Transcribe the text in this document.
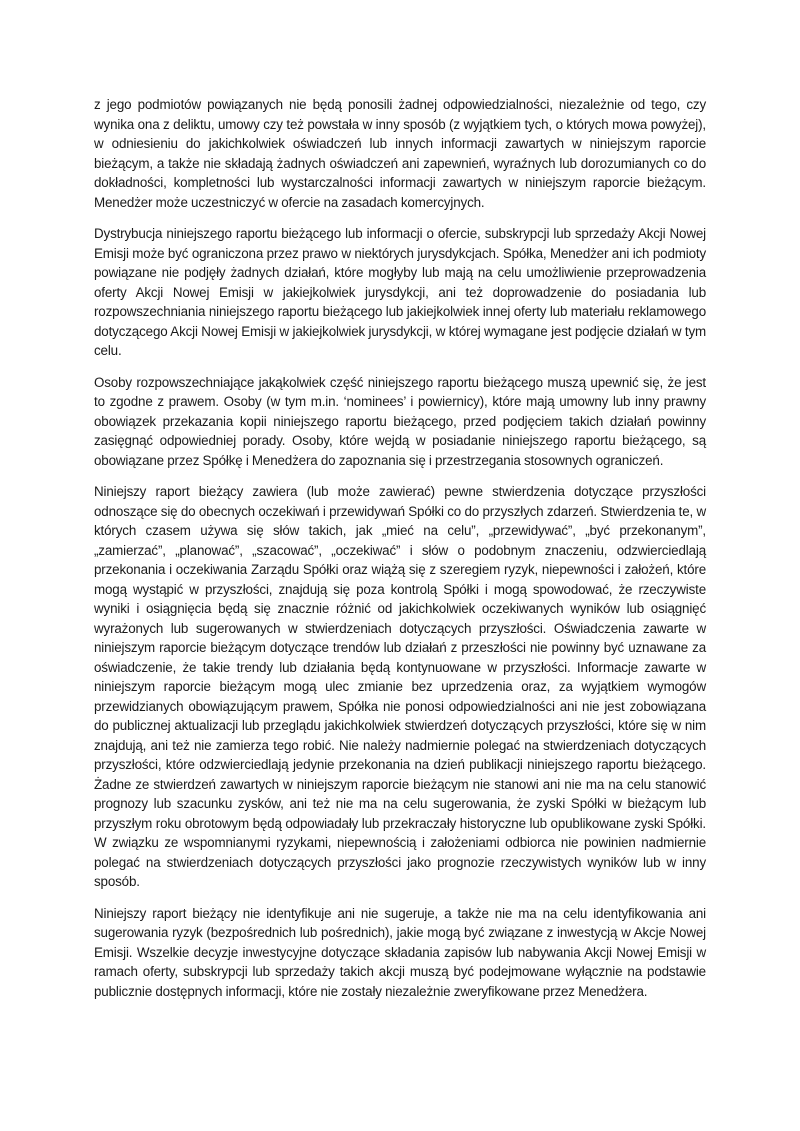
z jego podmiotów powiązanych nie będą ponosili żadnej odpowiedzialności, niezależnie od tego, czy wynika ona z deliktu, umowy czy też powstała w inny sposób (z wyjątkiem tych, o których mowa powyżej), w odniesieniu do jakichkolwiek oświadczeń lub innych informacji zawartych w niniejszym raporcie bieżącym, a także nie składają żadnych oświadczeń ani zapewnień, wyraźnych lub dorozumianych co do dokładności, kompletności lub wystarczalności informacji zawartych w niniejszym raporcie bieżącym. Menedżer może uczestniczyć w ofercie na zasadach komercyjnych.

Dystrybucja niniejszego raportu bieżącego lub informacji o ofercie, subskrypcji lub sprzedaży Akcji Nowej Emisji może być ograniczona przez prawo w niektórych jurysdykcjach. Spółka, Menedżer ani ich podmioty powiązane nie podjęły żadnych działań, które mogłyby lub mają na celu umożliwienie przeprowadzenia oferty Akcji Nowej Emisji w jakiejkolwiek jurysdykcji, ani też doprowadzenie do posiadania lub rozpowszechniania niniejszego raportu bieżącego lub jakiejkolwiek innej oferty lub materiału reklamowego dotyczącego Akcji Nowej Emisji w jakiejkolwiek jurysdykcji, w której wymagane jest podjęcie działań w tym celu.

Osoby rozpowszechniające jakąkolwiek część niniejszego raportu bieżącego muszą upewnić się, że jest to zgodne z prawem. Osoby (w tym m.in. ‘nominees’ i powiernicy), które mają umowny lub inny prawny obowiązek przekazania kopii niniejszego raportu bieżącego, przed podjęciem takich działań powinny zasięgnąć odpowiedniej porady. Osoby, które wejdą w posiadanie niniejszego raportu bieżącego, są obowiązane przez Spółkę i Menedżera do zapoznania się i przestrzegania stosownych ograniczeń.

Niniejszy raport bieżący zawiera (lub może zawierać) pewne stwierdzenia dotyczące przyszłości odnoszące się do obecnych oczekiwań i przewidywań Spółki co do przyszłych zdarzeń. Stwierdzenia te, w których czasem używa się słów takich, jak „mieć na celu”, „przewidywać”, „być przekonanym”, „zamierzać”, „planować”, „szacować”, „oczekiwać” i słów o podobnym znaczeniu, odzwierciedlają przekonania i oczekiwania Zarządu Spółki oraz wiążą się z szeregiem ryzyk, niepewności i założeń, które mogą wystąpić w przyszłości, znajdują się poza kontrolą Spółki i mogą spowodować, że rzeczywiste wyniki i osiągnięcia będą się znacznie różnić od jakichkolwiek oczekiwanych wyników lub osiągnięć wyrażonych lub sugerowanych w stwierdzeniach dotyczących przyszłości. Oświadczenia zawarte w niniejszym raporcie bieżącym dotyczące trendów lub działań z przeszłości nie powinny być uznawane za oświadczenie, że takie trendy lub działania będą kontynuowane w przyszłości. Informacje zawarte w niniejszym raporcie bieżącym mogą ulec zmianie bez uprzedzenia oraz, za wyjątkiem wymogów przewidzianych obowiązującym prawem, Spółka nie ponosi odpowiedzialności ani nie jest zobowiązana do publicznej aktualizacji lub przeglądu jakichkolwiek stwierdzeń dotyczących przyszłości, które się w nim znajdują, ani też nie zamierza tego robić. Nie należy nadmiernie polegać na stwierdzeniach dotyczących przyszłości, które odzwierciedlają jedynie przekonania na dzień publikacji niniejszego raportu bieżącego. Żadne ze stwierdzeń zawartych w niniejszym raporcie bieżącym nie stanowi ani nie ma na celu stanowić prognozy lub szacunku zysków, ani też nie ma na celu sugerowania, że zyski Spółki w bieżącym lub przyszłym roku obrotowym będą odpowiadały lub przekraczały historyczne lub opublikowane zyski Spółki. W związku ze wspomnianymi ryzykami, niepewnością i założeniami odbiorca nie powinien nadmiernie polegać na stwierdzeniach dotyczących przyszłości jako prognozie rzeczywistych wyników lub w inny sposób.

Niniejszy raport bieżący nie identyfikuje ani nie sugeruje, a także nie ma na celu identyfikowania ani sugerowania ryzyk (bezpośrednich lub pośrednich), jakie mogą być związane z inwestycją w Akcje Nowej Emisji. Wszelkie decyzje inwestycyjne dotyczące składania zapisów lub nabywania Akcji Nowej Emisji w ramach oferty, subskrypcji lub sprzedaży takich akcji muszą być podejmowane wyłącznie na podstawie publicznie dostępnych informacji, które nie zostały niezależnie zweryfikowane przez Menedżera.
